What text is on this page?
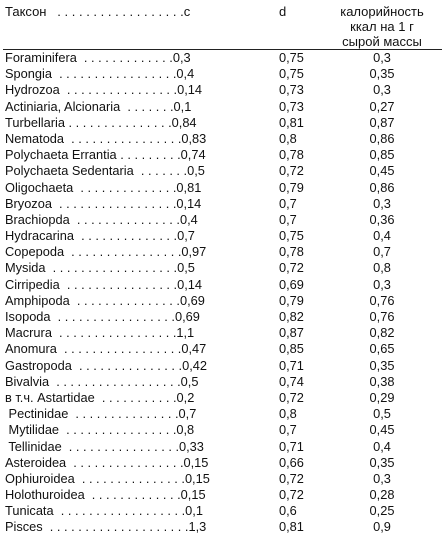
Таксон   . . . . . . . . . . . . . . . . . .с	d	калорийность
ккал на 1 г
сырой массы
Foraminifera  . . . . . . . . . . . . .0,3	0,75	0,3
Spongia  . . . . . . . . . . . . . . . . .0,4	0,75	0,35
Hydrozoa  . . . . . . . . . . . . . . . .0,14	0,73	0,3
Actiniaria, Alcionaria  . . . . . . .0,1	0,73	0,27
Turbellaria . . . . . . . . . . . . . . .0,84	0,81	0,87
Nematoda  . . . . . . . . . . . . . . . .0,83	0,8	0,86
Polychaeta Errantia . . . . . . . . .0,74	0,78	0,85
Polychaeta Sedentaria  . . . . . . .0,5	0,72	0,45
Oligochaeta  . . . . . . . . . . . . . .0,81	0,79	0,86
Bryozoa  . . . . . . . . . . . . . . . . .0,14	0,7	0,3
Brachiopda  . . . . . . . . . . . . . . .0,4	0,7	0,36
Hydracarina  . . . . . . . . . . . . . .0,7	0,75	0,4
Copepoda  . . . . . . . . . . . . . . . .0,97	0,78	0,7
Mysida  . . . . . . . . . . . . . . . . . .0,5	0,72	0,8
Cirripedia  . . . . . . . . . . . . . . . .0,14	0,69	0,3
Amphipoda  . . . . . . . . . . . . . . .0,69	0,79	0,76
Isopoda  . . . . . . . . . . . . . . . . .0,69	0,82	0,76
Macrura  . . . . . . . . . . . . . . . . .1,1	0,87	0,82
Anomura  . . . . . . . . . . . . . . . . .0,47	0,85	0,65
Gastropoda  . . . . . . . . . . . . . . .0,42	0,71	0,35
Bivalvia  . . . . . . . . . . . . . . . . . .0,5	0,74	0,38
в т.ч. Astartidae  . . . . . . . . . . .0,2	0,72	0,29
Pectinidae  . . . . . . . . . . . . . . .0,7	0,8	0,5
Mytilidae  . . . . . . . . . . . . . . . .0,8	0,7	0,45
Tellinidae  . . . . . . . . . . . . . . . .0,33	0,71	0,4
Asteroidea  . . . . . . . . . . . . . . . .0,15	0,66	0,35
Ophiuroidea  . . . . . . . . . . . . . . .0,15	0,72	0,3
Holothuroidea  . . . . . . . . . . . . .0,15	0,72	0,28
Tunicata  . . . . . . . . . . . . . . . . . .0,1	0,6	0,25
Pisces  . . . . . . . . . . . . . . . . . . . .1,3	0,81	0,9
